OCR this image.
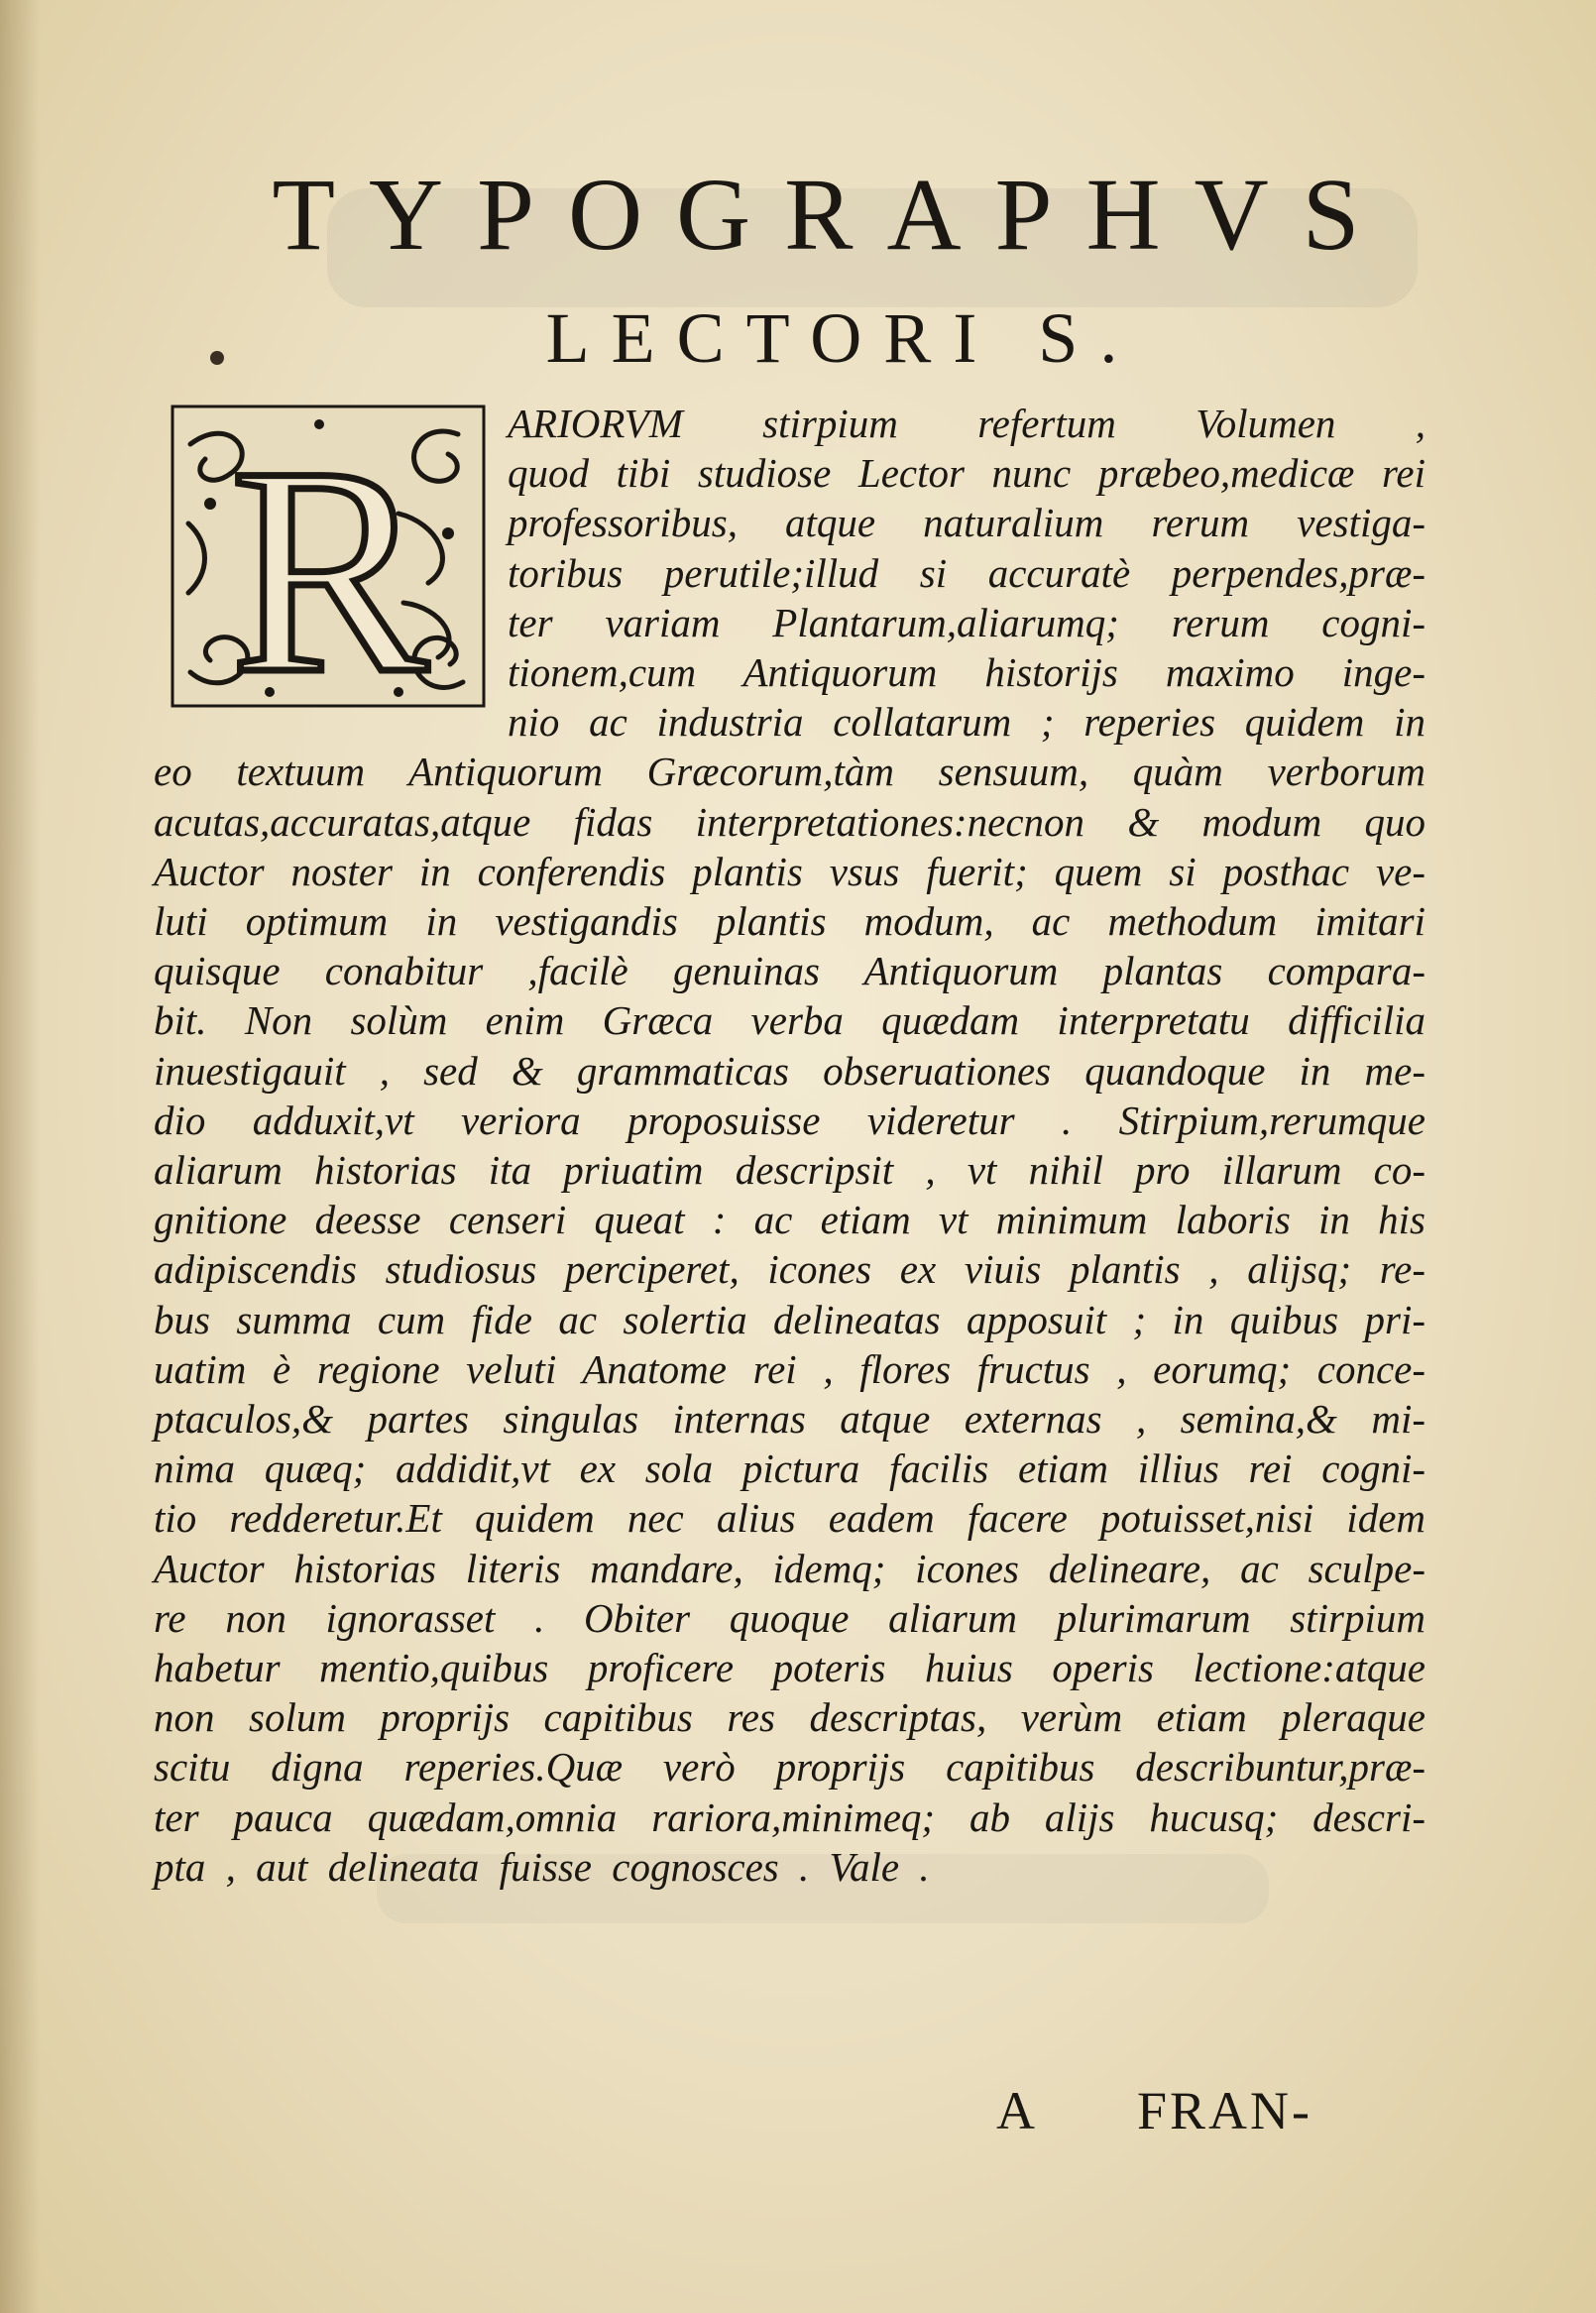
TYPOGRAPHVS
LECTORI S.
R ARIORVM stirpium refertum Volumen ,
quod tibi studiose Lector nunc præbeo,medicæ rei
professoribus, atque naturalium rerum vestiga-
toribus perutile;illud si accuratè perpendes,præ-
ter variam Plantarum,aliarumq; rerum cogni-
tionem,cum Antiquorum historijs maximo inge-
nio ac industria collatarum ; reperies quidem in
eo textuum Antiquorum Græcorum,tàm sensuum, quàm verborum
acutas,accuratas,atque fidas interpretationes:necnon & modum quo
Auctor noster in conferendis plantis vsus fuerit; quem si posthac ve-
luti optimum in vestigandis plantis modum, ac methodum imitari
quisque conabitur ,facilè genuinas Antiquorum plantas compara-
bit. Non solùm enim Græca verba quædam interpretatu difficilia
inuestigauit , sed & grammaticas obseruationes quandoque in me-
dio adduxit,vt veriora proposuisse videretur . Stirpium,rerumque
aliarum historias ita priuatim descripsit , vt nihil pro illarum co-
gnitione deesse censeri queat : ac etiam vt minimum laboris in his
adipiscendis studiosus perciperet, icones ex viuis plantis , alijsq; re-
bus summa cum fide ac solertia delineatas apposuit ; in quibus pri-
uatim è regione veluti Anatome rei , flores fructus , eorumq; conce-
ptaculos,& partes singulas internas atque externas , semina,& mi-
nima quæq; addidit,vt ex sola pictura facilis etiam illius rei cogni-
tio redderetur.Et quidem nec alius eadem facere potuisset,nisi idem
Auctor historias literis mandare, idemq; icones delineare, ac sculpe-
re non ignorasset . Obiter quoque aliarum plurimarum stirpium
habetur mentio,quibus proficere poteris huius operis lectione:atque
non solum proprijs capitibus res descriptas, verùm etiam pleraque
scitu digna reperies.Quæ verò proprijs capitibus describuntur,præ-
ter pauca quædam,omnia rariora,minimeq; ab alijs hucusq; descri-
pta , aut delineata fuisse cognosces . Vale .
A FRAN-
